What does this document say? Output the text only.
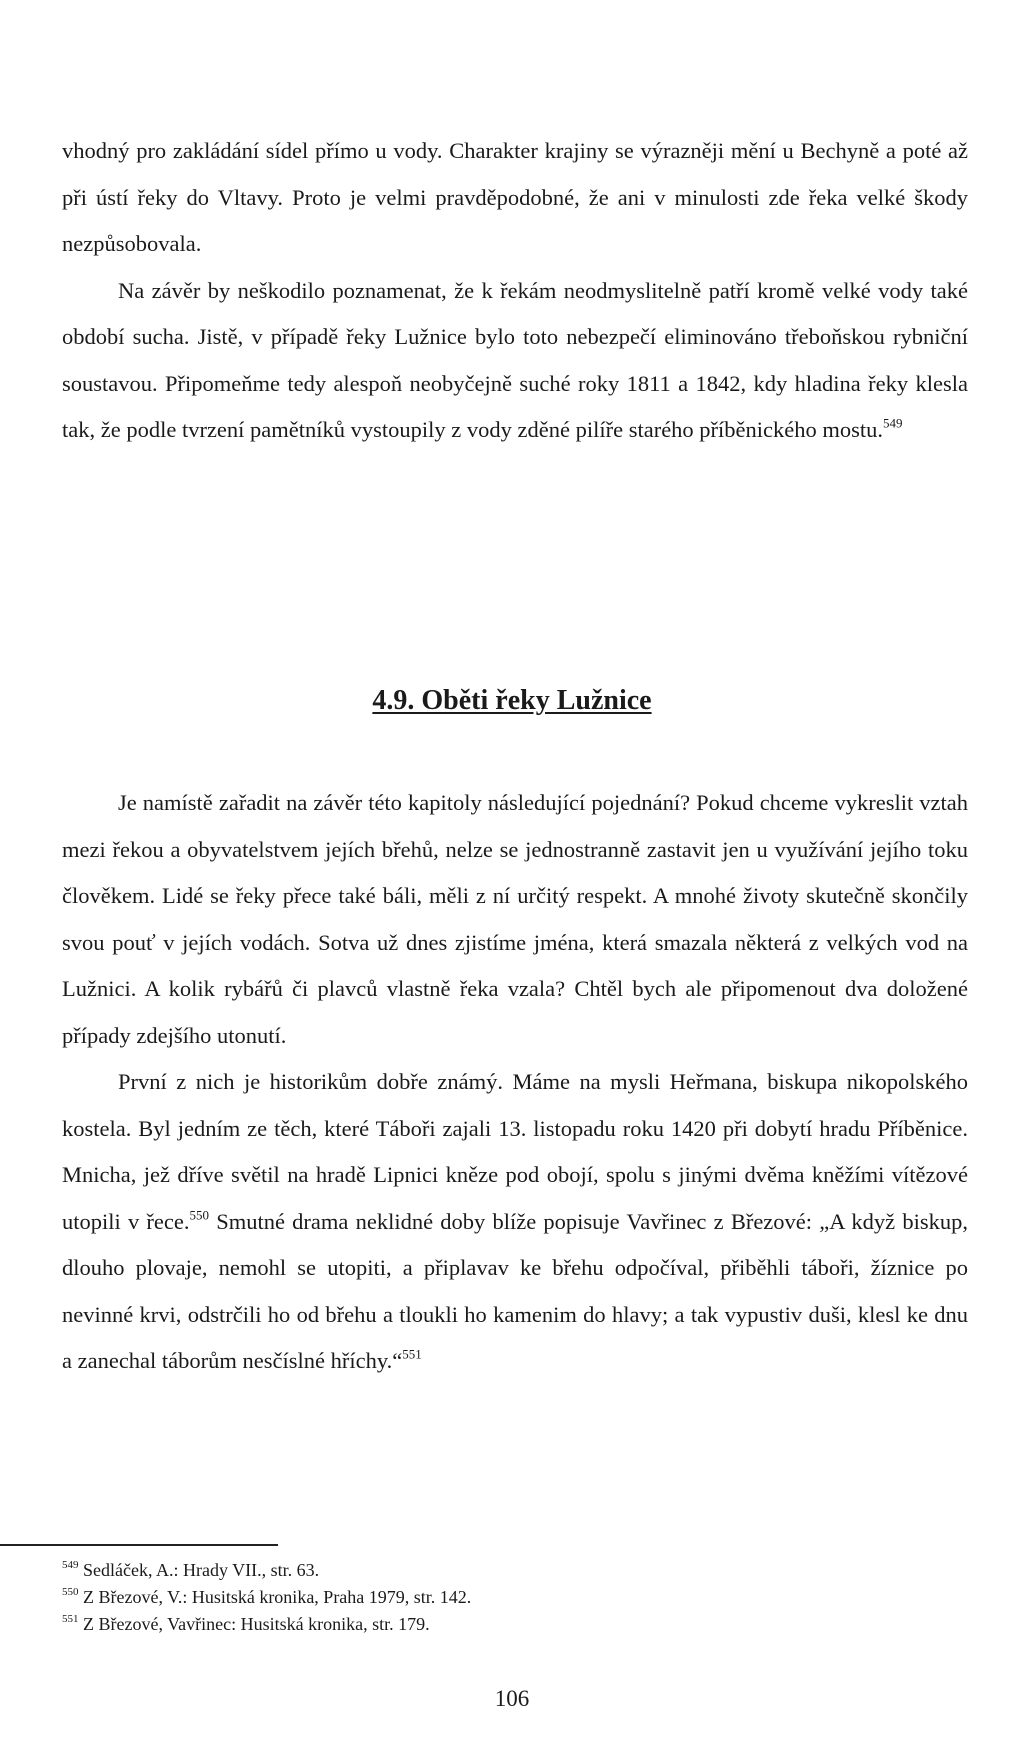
vhodný pro zakládání sídel přímo u vody. Charakter krajiny se výrazněji mění u Bechyně a poté až při ústí řeky do Vltavy. Proto je velmi pravděpodobné, že ani v minulosti zde řeka velké škody nezpůsobovala.
Na závěr by neškodilo poznamenat, že k řekám neodmyslitelně patří kromě velké vody také období sucha. Jistě, v případě řeky Lužnice bylo toto nebezpečí eliminováno třeboňskou rybniční soustavou. Připomeňme tedy alespoň neobyčejně suché roky 1811 a 1842, kdy hladina řeky klesla tak, že podle tvrzení pamětníků vystoupily z vody zděné pilíře starého příběnického mostu.$^{549}$
4.9. Oběti řeky Lužnice
Je namístě zařadit na závěr této kapitoly následující pojednání? Pokud chceme vykreslit vztah mezi řekou a obyvatelstvem jejích břehů, nelze se jednostranně zastavit jen u využívání jejího toku člověkem. Lidé se řeky přece také báli, měli z ní určitý respekt. A mnohé životy skutečně skončily svou pouť v jejích vodách. Sotva už dnes zjistíme jména, která smazala některá z velkých vod na Lužnici. A kolik rybářů či plavců vlastně řeka vzala? Chtěl bych ale připomenout dva doložené případy zdejšího utonutí.
První z nich je historikům dobře známý. Máme na mysli Heřmana, biskupa nikopolského kostela. Byl jedním ze těch, které Táboři zajali 13. listopadu roku 1420 při dobytí hradu Příběnice. Mnicha, jež dříve světil na hradě Lipnici kněze pod obojí, spolu s jinými dvěma kněžími vítězové utopili v řece.$^{550}$ Smutné drama neklidné doby blíže popisuje Vavřinec z Březové: „A když biskup, dlouho plovaje, nemohl se utopiti, a připlavav ke břehu odpočíval, přiběhli táboři, žíznice po nevinné krvi, odstrčili ho od břehu a tloukli ho kamenim do hlavy; a tak vypustiv duši, klesl ke dnu a zanechal táborům nesčíslné hříchy.“$^{551}$
$^{549}$ Sedláček, A.: Hrady VII., str. 63.
$^{550}$ Z Březové, V.: Husitská kronika, Praha 1979, str. 142.
$^{551}$ Z Březové, Vavřinec: Husitská kronika, str. 179.
106
